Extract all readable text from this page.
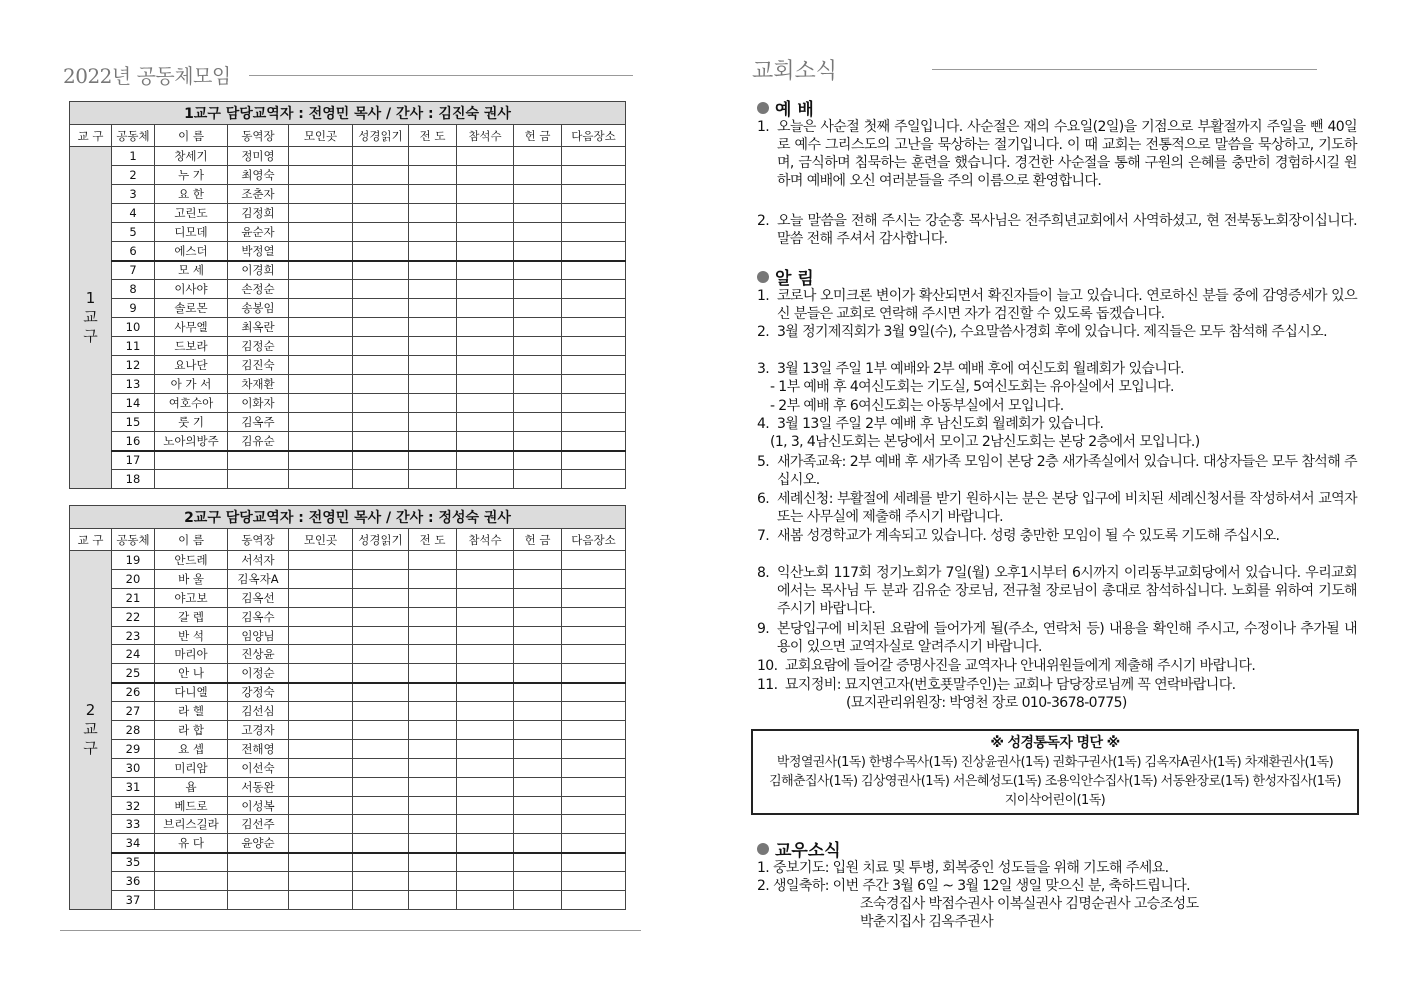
2022년 공동체모임
1교구 담당교역자 : 전영민 목사 / 간사 : 김진숙 권사									
교 구	공동체	이 름	동역장	모인곳	성경읽기	전 도	참석수	헌 금	다음장소

1
교
구	1	창세기	정미영						
	2	누 가	최영숙						
	3	요 한	조춘자						
	4	고린도	김정희						
	5	디모데	윤순자						
	6	에스더	박정열						
	7	모 세	이경희						
	8	이사야	손정순						
	9	솔로몬	송봉임						
	10	사무엘	최옥란						
	11	드보라	김정순						
	12	요나단	김진숙						
	13	아 가 서	차재환						
	14	여호수아	이화자						
	15	룻 기	김옥주						
	16	노아의방주	김유순						
	17								
	18								
2교구 담당교역자 : 전영민 목사 / 간사 : 정성숙 권사									
교 구	공동체	이 름	동역장	모인곳	성경읽기	전 도	참석수	헌 금	다음장소

2
교
구	19	안드레	서석자						
	20	바 울	김옥자A						
	21	야고보	김옥선						
	22	갈 렙	김옥수						
	23	반 석	임양님						
	24	마리아	진상윤						
	25	안 나	이정순						
	26	다니엘	강정숙						
	27	라 헬	김선심						
	28	라 합	고경자						
	29	요 셉	전해영						
	30	미리암	이선숙						
	31	욥	서동완						
	32	베드로	이성복						
	33	브리스길라	김선주						
	34	유 다	윤양순						
	35								
	36								
	37								
교회소식
예 배
1. 오늘은 사순절 첫째 주일입니다. 사순절은 재의 수요일(2일)을 기점으로 부활절까지 주일을 뺀 40일로 예수 그리스도의 고난을 묵상하는 절기입니다. 이 때 교회는 전통적으로 말씀을 묵상하고, 기도하며, 금식하며 침묵하는 훈련을 했습니다. 경건한 사순절을 통해 구원의 은혜를 충만히 경험하시길 원하며 예배에 오신 여러분들을 주의 이름으로 환영합니다.
2. 오늘 말씀을 전해 주시는 강순홍 목사님은 전주희년교회에서 사역하셨고, 현 전북동노회장이십니다. 말씀 전해 주셔서 감사합니다.
알 림
1. 코로나 오미크론 변이가 확산되면서 확진자들이 늘고 있습니다. 연로하신 분들 중에 감영증세가 있으신 분들은 교회로 연락해 주시면 자가 검진할 수 있도록 돕겠습니다.
2. 3월 정기제직회가 3월 9일(수), 수요말씀사경회 후에 있습니다. 제직들은 모두 참석해 주십시오.
3. 3월 13일 주일 1부 예배와 2부 예배 후에 여신도회 월례회가 있습니다.
- 1부 예배 후 4여신도회는 기도실, 5여신도회는 유아실에서 모입니다.
- 2부 예배 후 6여신도회는 아동부실에서 모입니다.
4. 3월 13일 주일 2부 예배 후 남신도회 월례회가 있습니다.
(1, 3, 4남신도회는 본당에서 모이고 2남신도회는 본당 2층에서 모입니다.)
5. 새가족교육: 2부 예배 후 새가족 모임이 본당 2층 새가족실에서 있습니다. 대상자들은 모두 참석해 주십시오.
6. 세례신청: 부활절에 세례를 받기 원하시는 분은 본당 입구에 비치된 세례신청서를 작성하셔서 교역자 또는 사무실에 제출해 주시기 바랍니다.
7. 새봄 성경학교가 계속되고 있습니다. 성령 충만한 모임이 될 수 있도록 기도해 주십시오.
8. 익산노회 117회 정기노회가 7일(월) 오후1시부터 6시까지 이리동부교회당에서 있습니다. 우리교회에서는 목사님 두 분과 김유순 장로님, 전규철 장로님이 총대로 참석하십니다. 노회를 위하여 기도해 주시기 바랍니다.
9. 본당입구에 비치된 요람에 들어가게 될(주소, 연락처 등) 내용을 확인해 주시고, 수정이나 추가될 내용이 있으면 교역자실로 알려주시기 바랍니다.
10. 교회요람에 들어갈 증명사진을 교역자나 안내위원들에게 제출해 주시기 바랍니다.
11. 묘지정비: 묘지연고자(번호푯말주인)는 교회나 담당장로님께 꼭 연락바랍니다.
(묘지관리위원장: 박영천 장로 010-3678-0775)
※ 성경통독자 명단 ※
박정열권사(1독) 한병수목사(1독) 진상윤권사(1독) 권화구권사(1독) 김옥자A권사(1독) 차재환권사(1독)
김해춘집사(1독) 김상영권사(1독) 서은혜성도(1독) 조용익안수집사(1독) 서동완장로(1독) 한성자집사(1독)
지이삭어린이(1독)
교우소식
1. 중보기도: 입원 치료 및 투병, 회복중인 성도들을 위해 기도해 주세요.
2. 생일축하: 이번 주간 3월 6일 ~ 3월 12일 생일 맞으신 분, 축하드립니다.
조숙경집사 박점수권사 이복실권사 김명순권사 고승조성도
박춘지집사 김옥주권사
